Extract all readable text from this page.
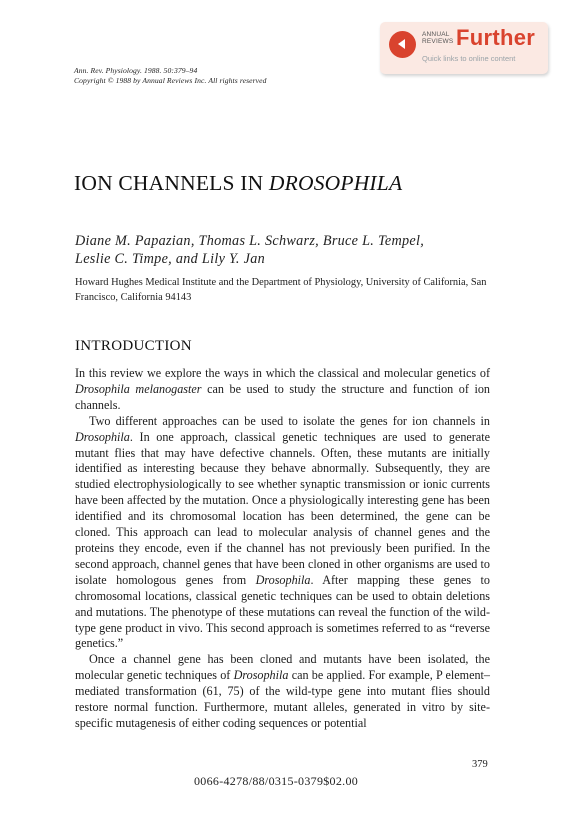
Ann. Rev. Physiology. 1988. 50:379–94
Copyright © 1988 by Annual Reviews Inc. All rights reserved
ANNUAL
REVIEWS Further
Quick links to online content
ION CHANNELS IN DROSOPHILA
Diane M. Papazian, Thomas L. Schwarz, Bruce L. Tempel,
Leslie C. Timpe, and Lily Y. Jan
Howard Hughes Medical Institute and the Department of Physiology, University of California, San Francisco, California 94143
INTRODUCTION

In this review we explore the ways in which the classical and molecular genetics of Drosophila melanogaster can be used to study the structure and function of ion channels.

Two different approaches can be used to isolate the genes for ion channels in Drosophila. In one approach, classical genetic techniques are used to generate mutant flies that may have defective channels. Often, these mutants are initially identified as interesting because they behave abnormally. Subsequently, they are studied electrophysiologically to see whether synaptic transmission or ionic currents have been affected by the mutation. Once a physiologically interesting gene has been identified and its chromosomal location has been determined, the gene can be cloned. This approach can lead to molecular analysis of channel genes and the proteins they encode, even if the channel has not previously been purified. In the second approach, channel genes that have been cloned in other organisms are used to isolate homologous genes from Drosophila. After mapping these genes to chromosomal locations, classical genetic techniques can be used to obtain deletions and mutations. The phenotype of these mutations can reveal the function of the wild-type gene product in vivo. This second approach is sometimes referred to as “reverse genetics.”

Once a channel gene has been cloned and mutants have been isolated, the molecular genetic techniques of Drosophila can be applied. For example, P element–mediated transformation (61, 75) of the wild-type gene into mutant flies should restore normal function. Furthermore, mutant alleles, generated in vitro by site-specific mutagenesis of either coding sequences or potential

379
0066-4278/88/0315-0379$02.00
